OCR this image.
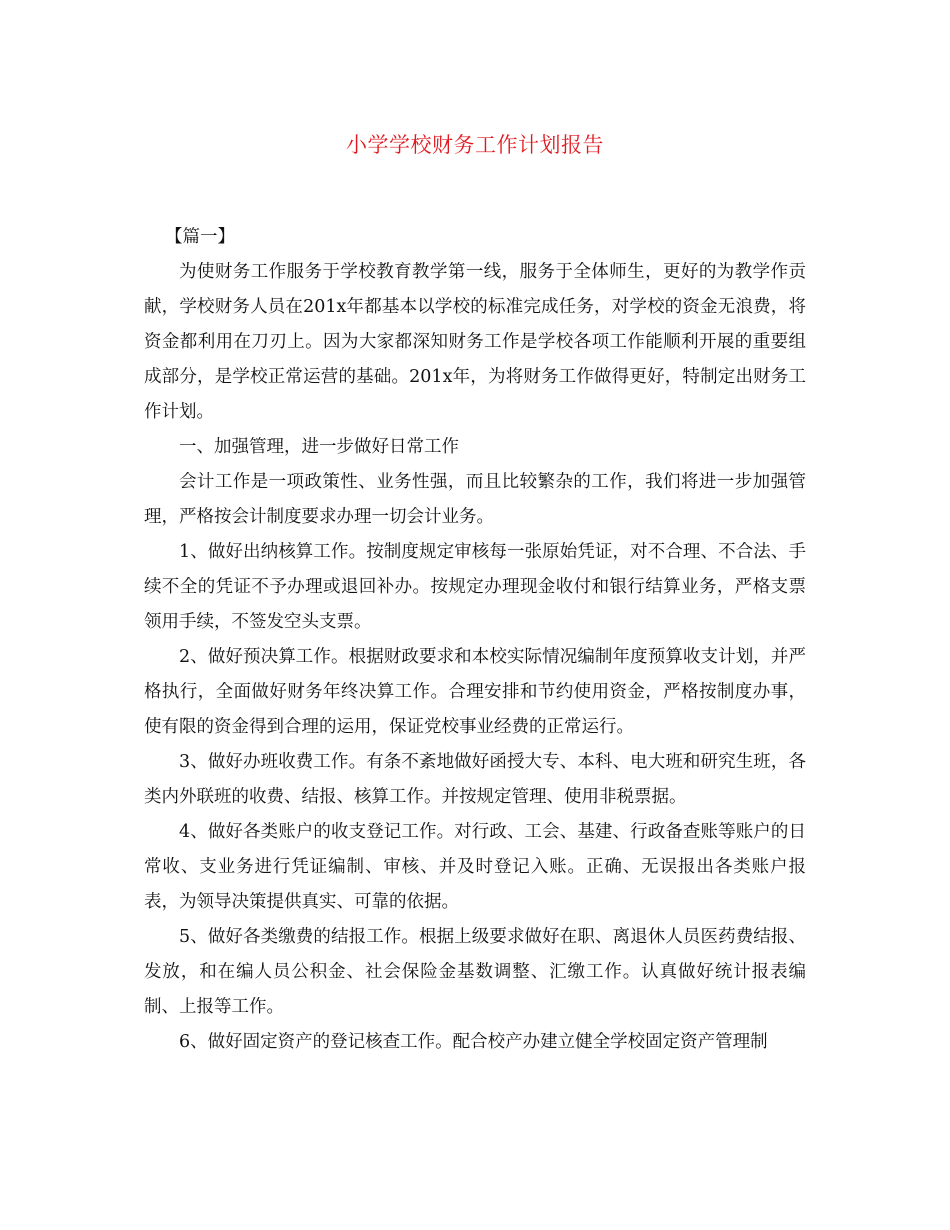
小学学校财务工作计划报告

【篇一】

为使财务工作服务于学校教育教学第一线，服务于全体师生，更好的为教学作贡献，学校财务人员在201x年都基本以学校的标准完成任务，对学校的资金无浪费，将资金都利用在刀刃上。因为大家都深知财务工作是学校各项工作能顺利开展的重要组成部分，是学校正常运营的基础。201x年，为将财务工作做得更好，特制定出财务工作计划。

一、加强管理，进一步做好日常工作

会计工作是一项政策性、业务性强，而且比较繁杂的工作，我们将进一步加强管理，严格按会计制度要求办理一切会计业务。

1、做好出纳核算工作。按制度规定审核每一张原始凭证，对不合理、不合法、手续不全的凭证不予办理或退回补办。按规定办理现金收付和银行结算业务，严格支票领用手续，不签发空头支票。

2、做好预决算工作。根据财政要求和本校实际情况编制年度预算收支计划，并严格执行，全面做好财务年终决算工作。合理安排和节约使用资金，严格按制度办事，使有限的资金得到合理的运用，保证党校事业经费的正常运行。

3、做好办班收费工作。有条不紊地做好函授大专、本科、电大班和研究生班，各类内外联班的收费、结报、核算工作。并按规定管理、使用非税票据。

4、做好各类账户的收支登记工作。对行政、工会、基建、行政备查账等账户的日常收、支业务进行凭证编制、审核、并及时登记入账。正确、无误报出各类账户报表，为领导决策提供真实、可靠的依据。

5、做好各类缴费的结报工作。根据上级要求做好在职、离退休人员医药费结报、发放，和在编人员公积金、社会保险金基数调整、汇缴工作。认真做好统计报表编制、上报等工作。

6、做好固定资产的登记核查工作。配合校产办建立健全学校固定资产管理制
